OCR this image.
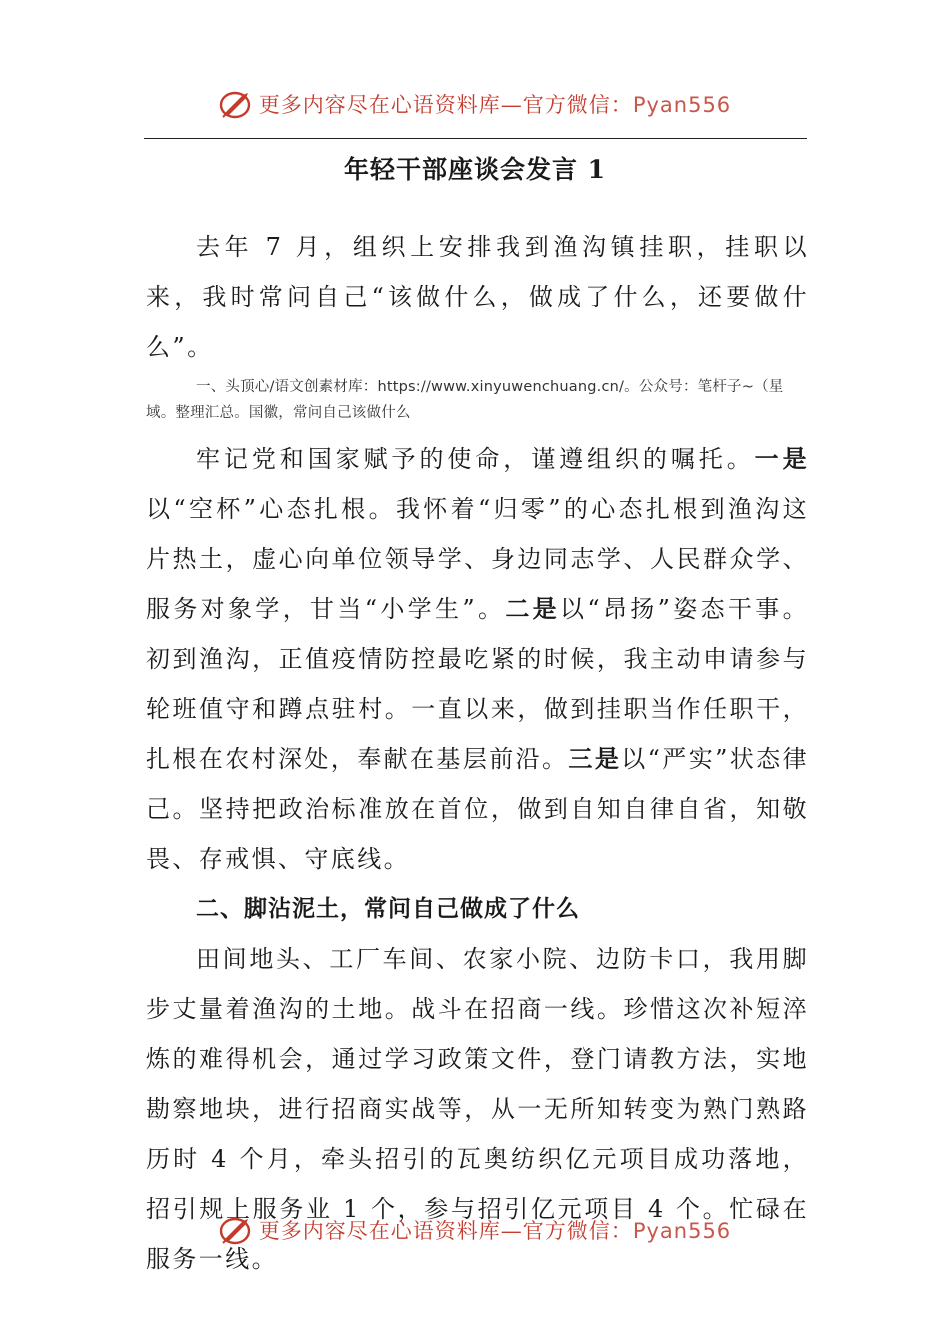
更多内容尽在心语资料库—官方微信：Pyan556
年轻干部座谈会发言 1

去年 7 月，组织上安排我到渔沟镇挂职，挂职以来，我时常问自己“该做什么，做成了什么，还要做什么”。

一、头顶心/语文创素材库：https://www.xinyuwenchuang.cn/。公众号：笔杆子~（星域。整理汇总。国徽，常问自己该做什么

牢记党和国家赋予的使命，谨遵组织的嘱托。一是以“空杯”心态扎根。我怀着“归零”的心态扎根到渔沟这片热土，虚心向单位领导学、身边同志学、人民群众学、服务对象学，甘当“小学生”。二是以“昂扬”姿态干事。初到渔沟，正值疫情防控最吃紧的时候，我主动申请参与轮班值守和蹲点驻村。一直以来，做到挂职当作任职干，扎根在农村深处，奉献在基层前沿。三是以“严实”状态律己。坚持把政治标准放在首位，做到自知自律自省，知敬畏、存戒惧、守底线。

二、脚沾泥土，常问自己做成了什么

田间地头、工厂车间、农家小院、边防卡口，我用脚步丈量着渔沟的土地。战斗在招商一线。珍惜这次补短淬炼的难得机会，通过学习政策文件，登门请教方法，实地勘察地块，进行招商实战等，从一无所知转变为熟门熟路历时 4 个月，牵头招引的瓦奥纺织亿元项目成功落地，招引规上服务业 1 个，参与招引亿元项目 4 个。忙碌在服务一线。

更多内容尽在心语资料库—官方微信：Pyan556
